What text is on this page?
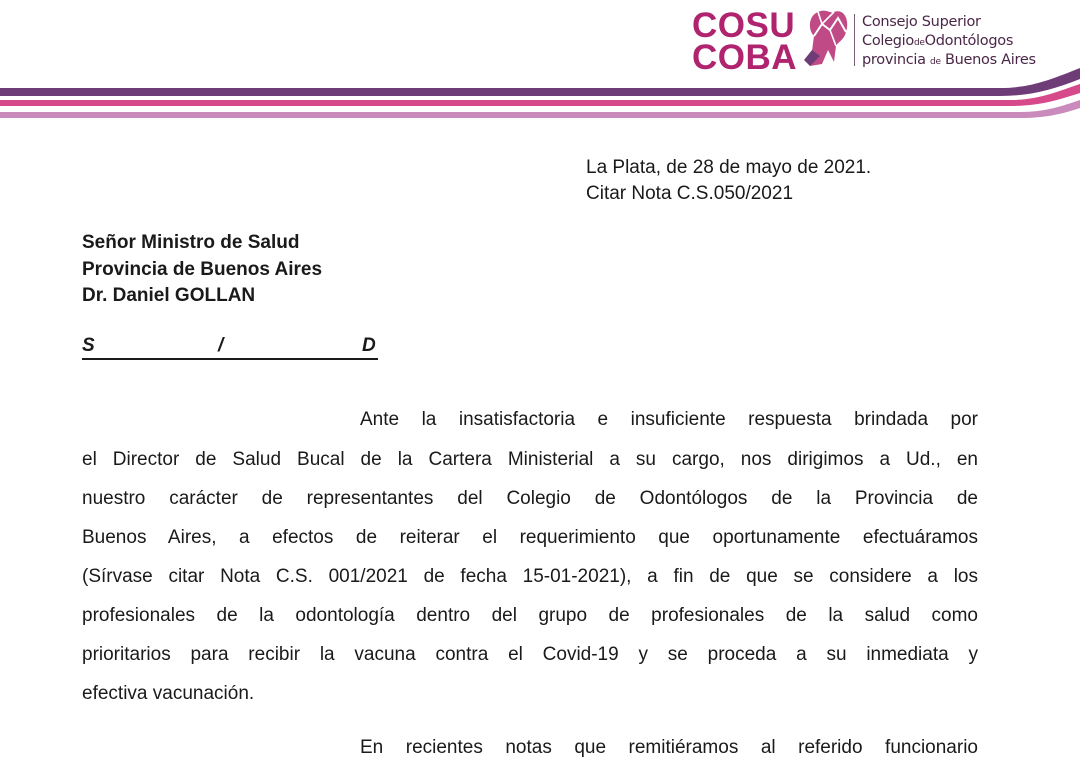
COSU
COBA
Consejo Superior
ColegiodeOdontólogos
provincia de Buenos Aires
La Plata, de 28 de mayo de 2021.
Citar Nota C.S.050/2021
Señor Ministro de Salud
Provincia de Buenos Aires
Dr. Daniel GOLLAN
S	/	D
Ante la insatisfactoria e insuficiente respuesta brindada por
el Director de Salud Bucal de la Cartera Ministerial a su cargo, nos dirigimos a Ud., en
nuestro carácter de representantes del Colegio de Odontólogos de la Provincia de
Buenos Aires, a efectos de reiterar el requerimiento que oportunamente efectuáramos
(Sírvase citar Nota C.S. 001/2021 de fecha 15-01-2021), a fin de que se considere a los
profesionales de la odontología dentro del grupo de profesionales de la salud como
prioritarios para recibir la vacuna contra el Covid-19 y se proceda a su inmediata y
efectiva vacunación.
En recientes notas que remitiéramos al referido funcionario
